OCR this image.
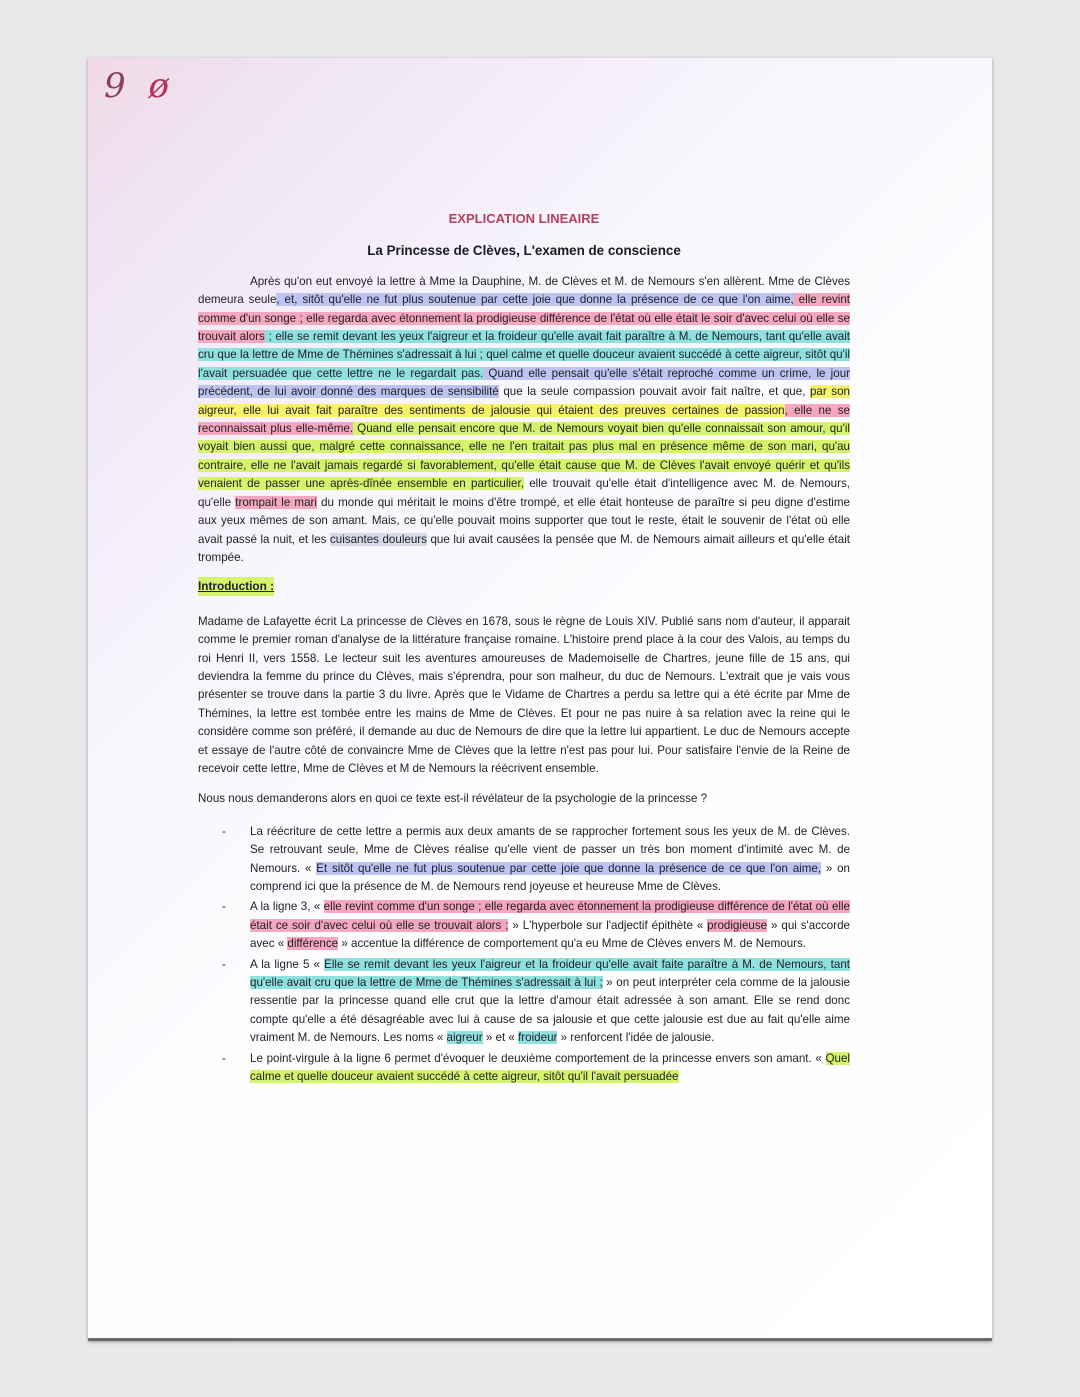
9 ø
EXPLICATION LINEAIRE
La Princesse de Clèves, L'examen de conscience

Après qu'on eut envoyé la lettre à Mme la Dauphine, M. de Clèves et M. de Nemours s'en allèrent. Mme de Clèves demeura seule, et, sitôt qu'elle ne fut plus soutenue par cette joie que donne la présence de ce que l'on aime, elle revint comme d'un songe ; elle regarda avec étonnement la prodigieuse différence de l'état où elle était le soir d'avec celui où elle se trouvait alors ; elle se remit devant les yeux l'aigreur et la froideur qu'elle avait fait paraître à M. de Nemours, tant qu'elle avait cru que la lettre de Mme de Thémines s'adressait à lui ; quel calme et quelle douceur avaient succédé à cette aigreur, sitôt qu'il l'avait persuadée que cette lettre ne le regardait pas. Quand elle pensait qu'elle s'était reproché comme un crime, le jour précédent, de lui avoir donné des marques de sensibilité que la seule compassion pouvait avoir fait naître, et que, par son aigreur, elle lui avait fait paraître des sentiments de jalousie qui étaient des preuves certaines de passion, elle ne se reconnaissait plus elle-même. Quand elle pensait encore que M. de Nemours voyait bien qu'elle connaissait son amour, qu'il voyait bien aussi que, malgré cette connaissance, elle ne l'en traitait pas plus mal en présence même de son mari, qu'au contraire, elle ne l'avait jamais regardé si favorablement, qu'elle était cause que M. de Clèves l'avait envoyé quérir et qu'ils venaient de passer une après-dînée ensemble en particulier, elle trouvait qu'elle était d'intelligence avec M. de Nemours, qu'elle trompait le mari du monde qui méritait le moins d'être trompé, et elle était honteuse de paraître si peu digne d'estime aux yeux mêmes de son amant. Mais, ce qu'elle pouvait moins supporter que tout le reste, était le souvenir de l'état où elle avait passé la nuit, et les cuisantes douleurs que lui avait causées la pensée que M. de Nemours aimait ailleurs et qu'elle était trompée.

Introduction :

Madame de Lafayette écrit La princesse de Clèves en 1678, sous le règne de Louis XIV. Publié sans nom d'auteur, il apparait comme le premier roman d'analyse de la littérature française romaine. L'histoire prend place à la cour des Valois, au temps du roi Henri II, vers 1558. Le lecteur suit les aventures amoureuses de Mademoiselle de Chartres, jeune fille de 15 ans, qui deviendra la femme du prince du Clèves, mais s'éprendra, pour son malheur, du duc de Nemours. L'extrait que je vais vous présenter se trouve dans la partie 3 du livre. Après que le Vidame de Chartres a perdu sa lettre qui a été écrite par Mme de Thémines, la lettre est tombée entre les mains de Mme de Clèves. Et pour ne pas nuire à sa relation avec la reine qui le considère comme son préféré, il demande au duc de Nemours de dire que la lettre lui appartient. Le duc de Nemours accepte et essaye de l'autre côté de convaincre Mme de Clèves que la lettre n'est pas pour lui. Pour satisfaire l'envie de la Reine de recevoir cette lettre, Mme de Clèves et M de Nemours la réécrivent ensemble.

Nous nous demanderons alors en quoi ce texte est-il révélateur de la psychologie de la princesse ?

- La réécriture de cette lettre a permis aux deux amants de se rapprocher fortement sous les yeux de M. de Clèves. Se retrouvant seule, Mme de Clèves réalise qu'elle vient de passer un très bon moment d'intimité avec M. de Nemours. « Et sitôt qu'elle ne fut plus soutenue par cette joie que donne la présence de ce que l'on aime, » on comprend ici que la présence de M. de Nemours rend joyeuse et heureuse Mme de Clèves.
- A la ligne 3, « elle revint comme d'un songe ; elle regarda avec étonnement la prodigieuse différence de l'état où elle était ce soir d'avec celui où elle se trouvait alors ; » L'hyperbole sur l'adjectif épithète « prodigieuse » qui s'accorde avec « différence » accentue la différence de comportement qu'a eu Mme de Clèves envers M. de Nemours.
- A la ligne 5 « Elle se remit devant les yeux l'aigreur et la froideur qu'elle avait faite paraître à M. de Nemours, tant qu'elle avait cru que la lettre de Mme de Thémines s'adressait à lui ; » on peut interpréter cela comme de la jalousie ressentie par la princesse quand elle crut que la lettre d'amour était adressée à son amant. Elle se rend donc compte qu'elle a été désagréable avec lui à cause de sa jalousie et que cette jalousie est due au fait qu'elle aime vraiment M. de Nemours. Les noms « aigreur » et « froideur » renforcent l'idée de jalousie.
- Le point-virgule à la ligne 6 permet d'évoquer le deuxième comportement de la princesse envers son amant. « Quel calme et quelle douceur avaient succédé à cette aigreur, sitôt qu'il l'avait persuadée
